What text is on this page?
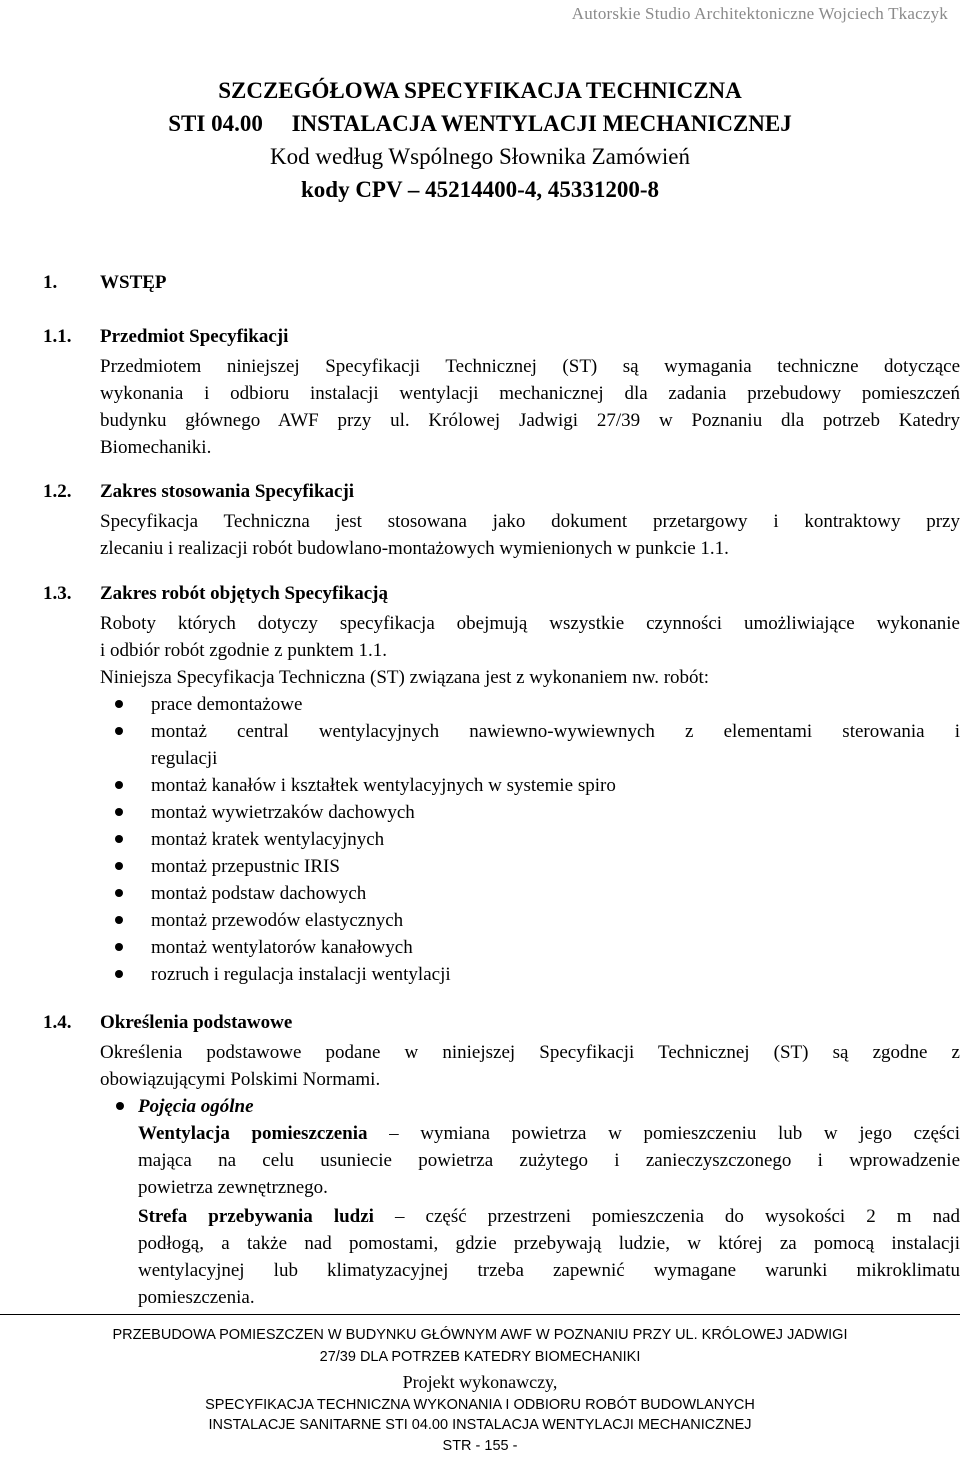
Autorskie Studio Architektoniczne Wojciech Tkaczyk
SZCZEGÓŁOWA SPECYFIKACJA TECHNICZNA
STI 04.00     INSTALACJA WENTYLACJI MECHANICZNEJ
Kod według Wspólnego Słownika Zamówień
kody CPV – 45214400-4, 45331200-8
1. WSTĘP
1.1. Przedmiot Specyfikacji
Przedmiotem niniejszej Specyfikacji Technicznej (ST) są wymagania techniczne dotyczące
wykonania i odbioru instalacji wentylacji mechanicznej dla zadania przebudowy pomieszczeń
budynku głównego AWF przy ul. Królowej Jadwigi 27/39 w Poznaniu dla potrzeb Katedry
Biomechaniki.
1.2. Zakres stosowania Specyfikacji
Specyfikacja Techniczna jest stosowana jako dokument przetargowy i kontraktowy przy
zlecaniu i realizacji robót budowlano-montażowych wymienionych w punkcie 1.1.
1.3. Zakres robót objętych Specyfikacją
Roboty których dotyczy specyfikacja obejmują wszystkie czynności umożliwiające wykonanie
i odbiór robót zgodnie z punktem 1.1.
Niniejsza Specyfikacja Techniczna (ST) związana jest z wykonaniem nw. robót:
prace demontażowe
montaż central wentylacyjnych nawiewno-wywiewnych z elementami sterowania i
regulacji
montaż kanałów i kształtek wentylacyjnych w systemie spiro
montaż wywietrzaków dachowych
montaż kratek wentylacyjnych
montaż przepustnic IRIS
montaż podstaw dachowych
montaż przewodów elastycznych
montaż wentylatorów kanałowych
rozruch i regulacja instalacji wentylacji
1.4. Określenia podstawowe
Określenia podstawowe podane w niniejszej Specyfikacji Technicznej (ST) są zgodne z
obowiązującymi Polskimi Normami.
Pojęcia ogólne
Wentylacja pomieszczenia – wymiana powietrza w pomieszczeniu lub w jego części
mająca na celu usuniecie powietrza zużytego i zanieczyszczonego i wprowadzenie
powietrza zewnętrznego.
Strefa przebywania ludzi – część przestrzeni pomieszczenia do wysokości 2 m nad
podłogą, a także nad pomostami, gdzie przebywają ludzie, w której za pomocą instalacji
wentylacyjnej lub klimatyzacyjnej trzeba zapewnić wymagane warunki mikroklimatu
pomieszczenia.
PRZEBUDOWA POMIESZCZEN W BUDYNKU GŁÓWNYM AWF W POZNANIU PRZY UL. KRÓLOWEJ JADWIGI
27/39 DLA POTRZEB KATEDRY BIOMECHANIKI
Projekt wykonawczy,
SPECYFIKACJA TECHNICZNA WYKONANIA I ODBIORU ROBÓT BUDOWLANYCH
INSTALACJE SANITARNE STI 04.00 INSTALACJA WENTYLACJI MECHANICZNEJ
STR - 155 -
